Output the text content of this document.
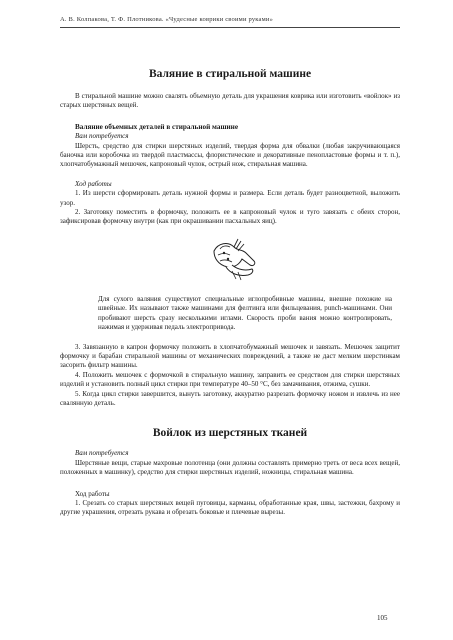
А. В. Колпакова, Т. Ф. Плотникова. «Чудесные коврики своими руками»
Валяние в стиральной машине

В стиральной машине можно свалять объемную деталь для украшения коврика или изготовить «войлок» из старых шерстяных вещей.

Валяние объемных деталей в стиральной машине
Вам потребуется

Шерсть, средство для стирки шерстяных изделий, твердая форма для обвалки (любая закручивающаяся баночка или коробочка из твердой пластмассы, флористические и декоративные пенопластовые формы и т. п.), хлопчатобумажный мешочек, капроновый чулок, острый нож, стиральная машина.

Ход работы

1. Из шерсти сформировать деталь нужной формы и размера. Если деталь будет разноцветной, выложить узор.

2. Заготовку поместить в формочку, положить ее в капроновый чулок и туго завязать с обеих сторон, зафиксировав формочку внутри (как при окрашивании пасхальных яиц).

Для сухого валяния существуют специальные иглопробивные машины, внешне похожие на швейные. Их называют также машинами для фелтинга или фильцевания, punch-машинами. Они пробивают шерсть сразу несколькими иглами. Скорость проби вания можно контролировать, нажимая и удерживая педаль электропривода.

3. Завязанную в капрон формочку положить в хлопчатобумажный мешочек и завязать. Мешочек защитит формочку и барабан стиральной машины от механических повреждений, а также не даст мелким шерстинкам засорить фильтр машины.

4. Положить мешочек с формочкой в стиральную машину, заправить ее средством для стирки шерстяных изделий и установить полный цикл стирки при температуре 40–50 °С, без замачивания, отжима, сушки.

5. Когда цикл стирки завершится, вынуть заготовку, аккуратно разрезать формочку ножом и извлечь из нее свалянную деталь.

Войлок из шерстяных тканей
Вам потребуется

Шерстяные вещи, старые махровые полотенца (они должны составлять примерно треть от веса всех вещей, положенных в машинку), средство для стирки шерстяных изделий, ножницы, стиральная машина.

Ход работы

1. Срезать со старых шерстяных вещей пуговицы, карманы, обработанные края, швы, застежки, бахрому и другие украшения, отрезать рукава и обрезать боковые и плечевые вырезы.

105
